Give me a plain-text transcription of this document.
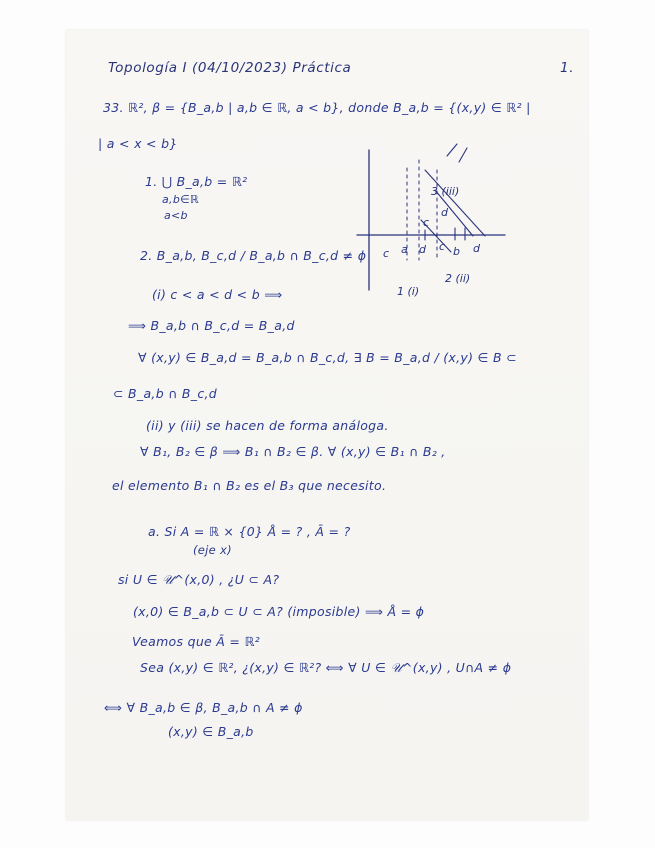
Topología I (04/10/2023) Práctica	1.
33. ℝ², β = {B_a,b | a,b ∈ ℝ, a < b}, donde B_a,b = {(x,y) ∈ ℝ² |
| a < x < b}
1. ⋃ B_a,b = ℝ²
a,b∈ℝ
a<b
2. B_a,b, B_c,d / B_a,b ∩ B_c,d ≠ ϕ
(i) c < a < d < b ⟹
⟹ B_a,b ∩ B_c,d = B_a,d
∀ (x,y) ∈ B_a,d = B_a,b ∩ B_c,d, ∃ B = B_a,d / (x,y) ∈ B ⊂
⊂ B_a,b ∩ B_c,d
(ii) y (iii) se hacen de forma análoga.
∀ B₁, B₂ ∈ β ⟹ B₁ ∩ B₂ ∈ β. ∀ (x,y) ∈ B₁ ∩ B₂ ,
el elemento B₁ ∩ B₂ es el B₃ que necesito.
a. Si A = ℝ × {0} Å = ? , Ā = ?
(eje x)
si U ∈ 𝒰^(x,0) , ¿U ⊂ A?
(x,0) ∈ B_a,b ⊂ U ⊂ A? (imposible) ⟹ Å = ϕ
Veamos que Ā = ℝ²
Sea (x,y) ∈ ℝ², ¿(x,y) ∈ ℝ²? ⟺ ∀ U ∈ 𝒰^(x,y) , U∩A ≠ ϕ
⟺ ∀ B_a,b ∈ β, B_a,b ∩ A ≠ ϕ
(x,y) ∈ B_a,b
c a d c b d
3 (iii)
2 (ii)
1 (i)
c
d
